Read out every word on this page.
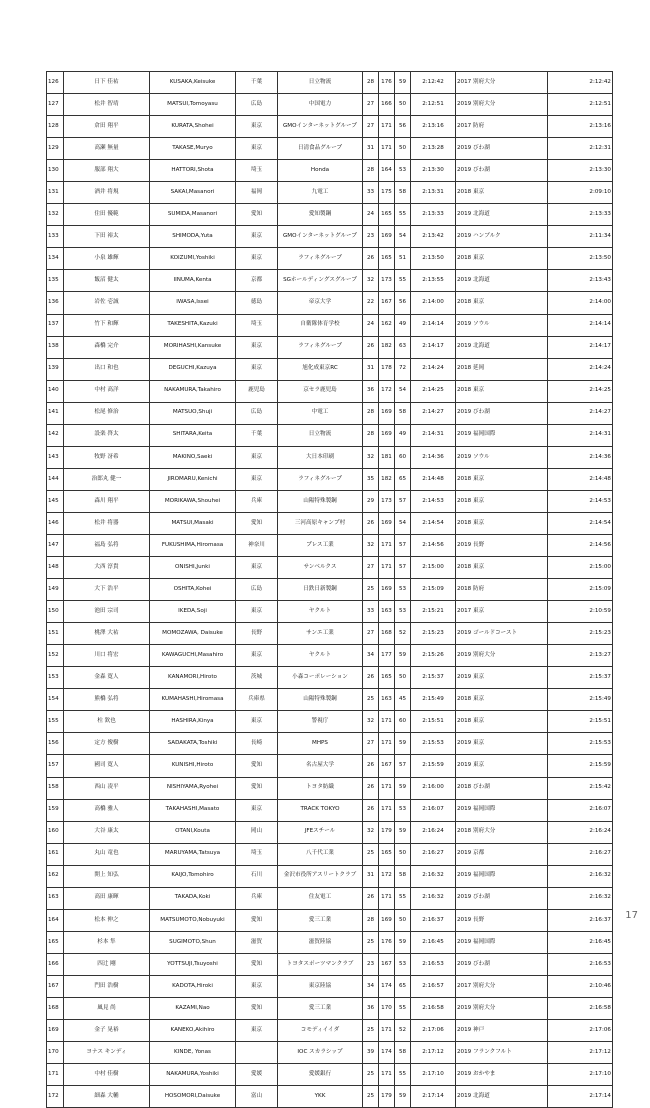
126	日下 佳祐	KUSAKA,Keisuke	千葉	日立物流	28	176	59	2:12:42	2017 別府大分	2:12:42
127	松井 智靖	MATSUI,Tomoyasu	広島	中国電力	27	166	50	2:12:51	2019 別府大分	2:12:51
128	倉田 翔平	KURATA,Shohei	東京	GMOインターネットグループ	27	171	56	2:13:16	2017 防府	2:13:16
129	高瀬 無量	TAKASE,Muryo	東京	日清食品グループ	31	171	50	2:13:28	2019 びわ湖	2:12:31
130	服部 翔大	HATTORI,Shota	埼玉	Honda	28	164	53	2:13:30	2019 びわ湖	2:13:30
131	酒井 将規	SAKAI,Masanori	福岡	九電工	33	175	58	2:13:31	2018 東京	2:09:10
132	住田 優範	SUMIDA,Masanori	愛知	愛知製鋼	24	165	55	2:13:33	2019 北海道	2:13:33
133	下田 裕太	SHIMODA,Yuta	東京	GMOインターネットグループ	23	169	54	2:13:42	2019 ハンブルク	2:11:34
134	小泉 雄輝	KOIZUMI,Yoshiki	東京	ラフィネグループ	26	165	51	2:13:50	2018 東京	2:13:50
135	飯沼 健太	IINUMA,Kenta	京都	SGホールディングスグループ	32	173	55	2:13:55	2019 北海道	2:13:43
136	岩佐 壱誠	IWASA,Issei	徳島	帝京大学	22	167	56	2:14:00	2018 東京	2:14:00
137	竹下 和輝	TAKESHITA,Kazuki	埼玉	自衛隊体育学校	24	162	49	2:14:14	2019 ソウル	2:14:14
138	森橋 完介	MORIHASHI,Kansuke	東京	ラフィネグループ	26	182	63	2:14:17	2019 北海道	2:14:17
139	出口 和也	DEGUCHI,Kazuya	東京	旭化成東京RC	31	178	72	2:14:24	2018 延岡	2:14:24
140	中村 高洋	NAKAMURA,Takahiro	鹿児島	京セラ鹿児島	36	172	54	2:14:25	2018 東京	2:14:25
141	松尾 修治	MATSUO,Shuji	広島	中電工	28	169	58	2:14:27	2019 びわ湖	2:14:27
142	設楽 啓太	SHITARA,Keita	千葉	日立物流	28	169	49	2:14:31	2019 福岡国際	2:14:31
143	牧野 冴希	MAKINO,Saeki	東京	大日本印刷	32	181	60	2:14:36	2019 ソウル	2:14:36
144	治郎丸 健一	JIROMARU,Kenichi	東京	ラフィネグループ	35	182	65	2:14:48	2018 東京	2:14:48
145	森川 翔平	MORIKAWA,Shouhei	兵庫	山陽特殊製鋼	29	173	57	2:14:53	2018 東京	2:14:53
146	松井 将器	MATSUI,Masaki	愛知	三河高原キャンプ村	26	169	54	2:14:54	2018 東京	2:14:54
147	福島 弘将	FUKUSHIMA,Hiromasa	神奈川	プレス工業	32	171	57	2:14:56	2019 長野	2:14:56
148	大西 淳貴	ONISHI,Junki	東京	サンベルクス	27	171	57	2:15:00	2018 東京	2:15:00
149	大下 浩平	OSHITA,Kohei	広島	日鉄日新製鋼	25	169	53	2:15:09	2018 防府	2:15:09
150	池田 宗司	IKEDA,Soji	東京	ヤクルト	33	163	53	2:15:21	2017 東京	2:10:59
151	桃澤 大祐	MOMOZAWA, Daisuke	長野	サンエ工業	27	168	52	2:15:23	2019 ゴールドコースト	2:15:23
152	川口 将宏	KAWAGUCHI,Masahiro	東京	ヤクルト	34	177	59	2:15:26	2019 別府大分	2:13:27
153	金森 寛人	KANAMORI,Hiroto	茨城	小森コーポレーション	26	165	50	2:15:37	2019 東京	2:15:37
154	熊橋 弘将	KUMAHASHI,Hiromasa	兵庫県	山陽特殊製鋼	25	163	45	2:15:49	2018 東京	2:15:49
155	柱 欽也	HASHIRA,Kinya	東京	警視庁	32	171	60	2:15:51	2018 東京	2:15:51
156	定方 俊樹	SADAKATA,Toshiki	長崎	MHPS	27	171	59	2:15:53	2019 東京	2:15:53
157	國司 寛人	KUNISHI,Hiroto	愛知	名古屋大学	26	167	57	2:15:59	2019 東京	2:15:59
158	西山 凌平	NISHIYAMA,Ryohei	愛知	トヨタ紡織	26	171	59	2:16:00	2018 びわ湖	2:15:42
159	高橋 雅人	TAKAHASHI,Masato	東京	TRACK TOKYO	26	171	53	2:16:07	2019 福岡国際	2:16:07
160	大谷 康太	OTANI,Kouta	岡山	JFEスチール	32	179	59	2:16:24	2018 別府大分	2:16:24
161	丸山 竜也	MARUYAMA,Tatsuya	埼玉	八千代工業	25	165	50	2:16:27	2019 京都	2:16:27
162	開上 知弘	KAIJO,Tomohiro	石川	金沢市役所アスリートクラブ	31	172	58	2:16:32	2019 福岡国際	2:16:32
163	高田 康暉	TAKADA,Koki	兵庫	住友電工	26	171	55	2:16:32	2019 びわ湖	2:16:32
164	松本 伸之	MATSUMOTO,Nobuyuki	愛知	愛三工業	28	169	50	2:16:37	2019 長野	2:16:37
165	杉本 隼	SUGIMOTO,Shun	滋賀	滋賀陸協	25	176	59	2:16:45	2019 福岡国際	2:16:45
166	四辻 剛	YOTTSUJI,Tsuyoshi	愛知	トヨタスポーツマンクラブ	23	167	53	2:16:53	2019 びわ湖	2:16:53
167	門田 浩樹	KADOTA,Hiroki	東京	東京陸協	34	174	65	2:16:57	2017 別府大分	2:10:46
168	風見 尚	KAZAMI,Nao	愛知	愛三工業	36	170	55	2:16:58	2019 別府大分	2:16:58
169	金子 晃裕	KANEKO,Akihiro	東京	コモディイイダ	25	171	52	2:17:06	2019 神戸	2:17:06
170	ヨナス キンディ	KINDE, Yonas		IOC スカラシップ	39	174	58	2:17:12	2019 フランクフルト	2:17:12
171	中村 佳樹	NAKAMURA,Yoshiki	愛媛	愛媛銀行	25	171	55	2:17:10	2019 おかやま	2:17:10
172	細森 大輔	HOSOMORI,Daisuke	富山	YKK	25	179	59	2:17:14	2019 北海道	2:17:14
17
